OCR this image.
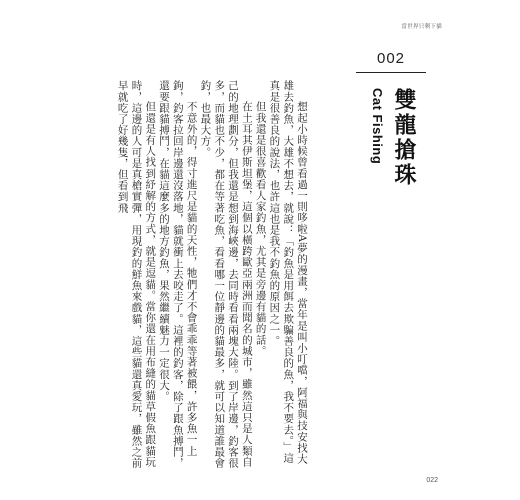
當世界只剩下貓
002
雙龍搶珠
Cat Fishing

想起小時候曾看過一則哆啦A夢的漫畫，當年是叫小叮噹，阿福與技安找大雄去釣魚，大雄不想去，就說：「釣魚是用餌去欺騙善良的魚，我不要去。」這真是很善良的說法，也許這也是我不釣魚的原因之一。

但我還是很喜歡看人家釣魚，尤其是旁邊有貓的話。

在土耳其伊斯坦堡，這個以橫跨歐亞兩洲而聞名的城市，雖然這只是人類自己的地理劃分，但我還是想到海峽邊，去同時看看兩塊大陸。到了岸邊，釣客很多，而貓也不少，都在等著吃魚，看看哪一位靜邊的貓最多，就可以知道誰最會釣，也最大方。

不意外的，得寸進尺是貓的天性，牠們才不會乖乖等著被餵，許多魚一上鉤，釣客拉回岸邊還沒落地，貓就衝上去咬走了。這裡的釣客，除了跟魚搏鬥，還要跟貓搏鬥，在貓這麼多的地方釣魚，果然繼續魅力一定很大。

但還是有人找到紓解的方式，就是逗貓。當你還在用布縫的貓草假魚跟貓玩時，這邊的人可是真槍實彈，用現釣的鮮魚來戲貓，這些貓還真愛玩，雖然之前早就吃了好幾隻，但看到飛

022
